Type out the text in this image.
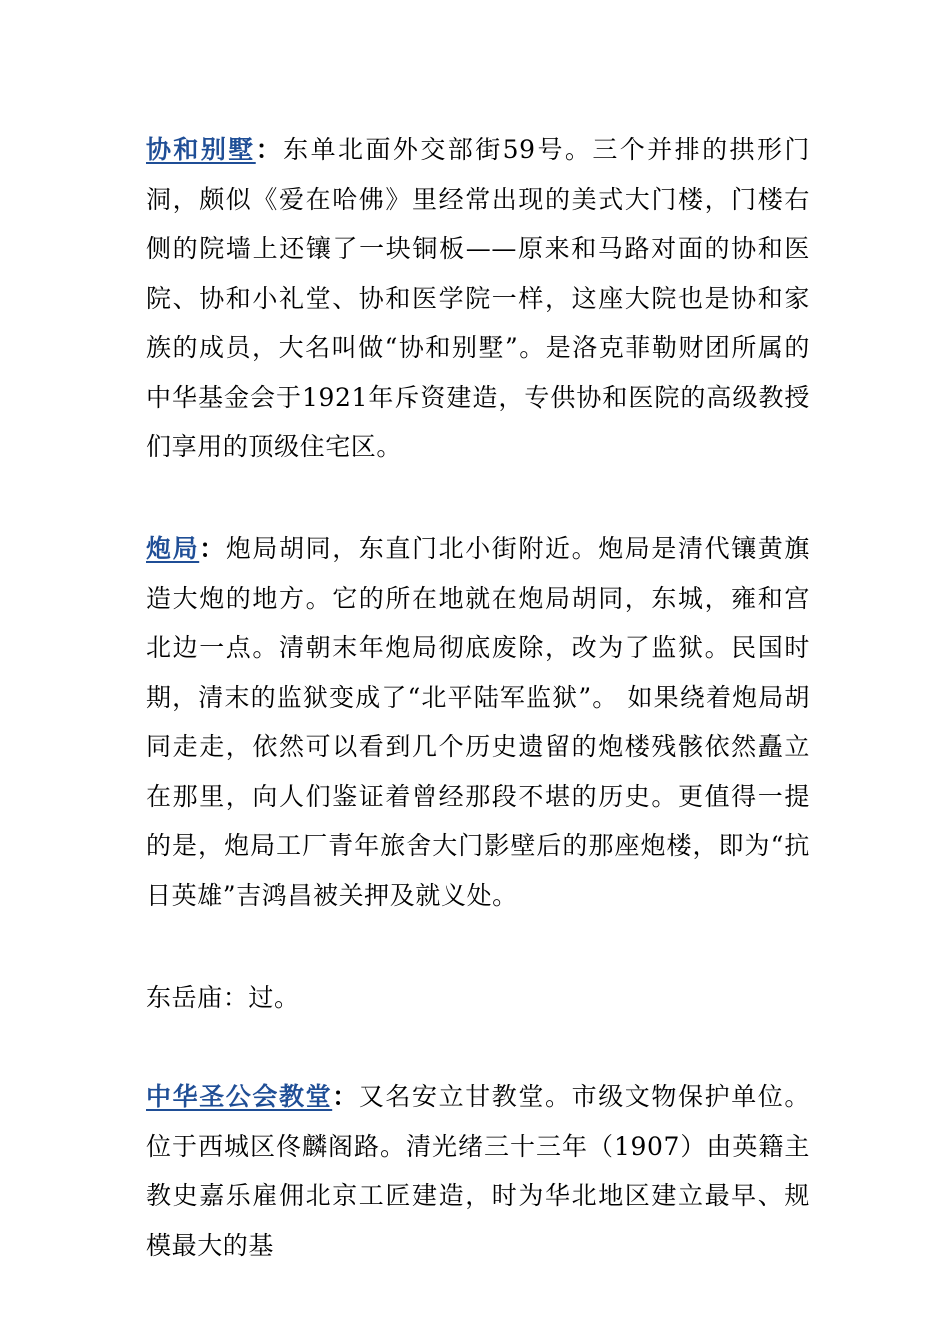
协和别墅：东单北面外交部街59号。三个并排的拱形门洞，颇似《爱在哈佛》里经常出现的美式大门楼，门楼右侧的院墙上还镶了一块铜板——原来和马路对面的协和医院、协和小礼堂、协和医学院一样，这座大院也是协和家族的成员，大名叫做“协和别墅”。是洛克菲勒财团所属的中华基金会于1921年斥资建造，专供协和医院的高级教授们享用的顶级住宅区。

炮局：炮局胡同，东直门北小街附近。炮局是清代镶黄旗造大炮的地方。它的所在地就在炮局胡同，东城，雍和宫北边一点。清朝末年炮局彻底废除，改为了监狱。民国时期，清末的监狱变成了“北平陆军监狱”。 如果绕着炮局胡同走走，依然可以看到几个历史遗留的炮楼残骸依然矗立在那里，向人们鉴证着曾经那段不堪的历史。更值得一提的是，炮局工厂青年旅舍大门影壁后的那座炮楼，即为“抗日英雄”吉鸿昌被关押及就义处。

东岳庙：过。

中华圣公会教堂：又名安立甘教堂。市级文物保护单位。位于西城区佟麟阁路。清光绪三十三年（1907）由英籍主教史嘉乐雇佣北京工匠建造，时为华北地区建立最早、规模最大的基
